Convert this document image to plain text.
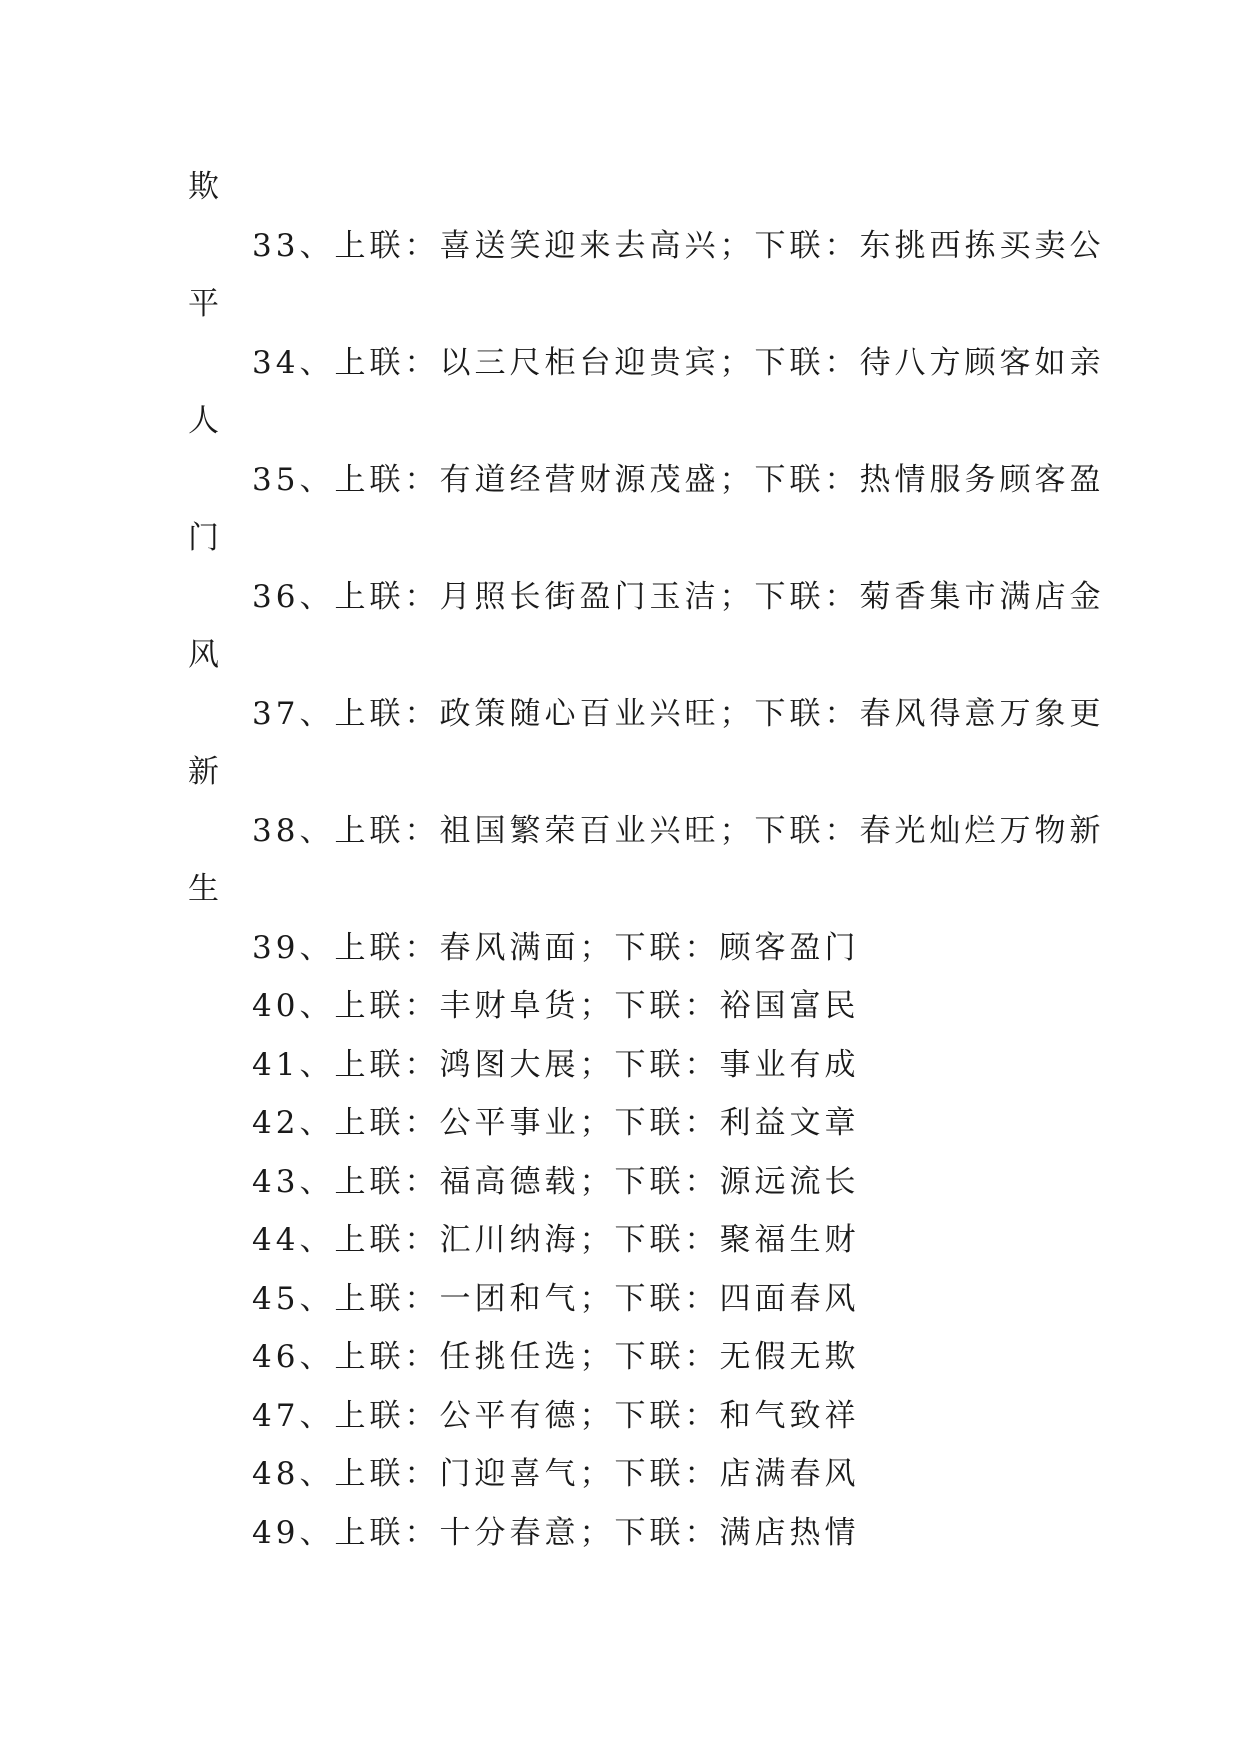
欺
33、上联：喜送笑迎来去高兴；下联：东挑西拣买卖公
平
34、上联：以三尺柜台迎贵宾；下联：待八方顾客如亲
人
35、上联：有道经营财源茂盛；下联：热情服务顾客盈
门
36、上联：月照长街盈门玉洁；下联：菊香集市满店金
风
37、上联：政策随心百业兴旺；下联：春风得意万象更
新
38、上联：祖国繁荣百业兴旺；下联：春光灿烂万物新
生
39、上联：春风满面；下联：顾客盈门
40、上联：丰财阜货；下联：裕国富民
41、上联：鸿图大展；下联：事业有成
42、上联：公平事业；下联：利益文章
43、上联：福高德载；下联：源远流长
44、上联：汇川纳海；下联：聚福生财
45、上联：一团和气；下联：四面春风
46、上联：任挑任选；下联：无假无欺
47、上联：公平有德；下联：和气致祥
48、上联：门迎喜气；下联：店满春风
49、上联：十分春意；下联：满店热情
